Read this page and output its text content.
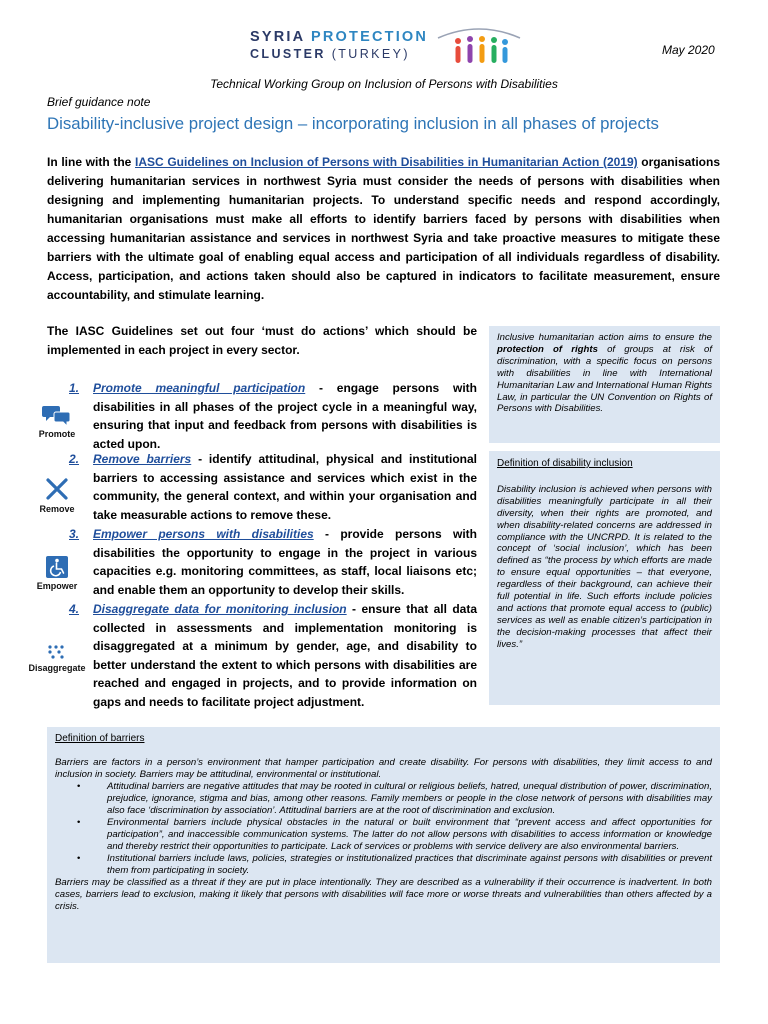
SYRIA PROTECTION
CLUSTER (TURKEY)	May 2020
Technical Working Group on Inclusion of Persons with Disabilities
Brief guidance note
Disability-inclusive project design – incorporating inclusion in all phases of projects
In line with the IASC Guidelines on Inclusion of Persons with Disabilities in Humanitarian Action (2019) organisations delivering humanitarian services in northwest Syria must consider the needs of persons with disabilities when designing and implementing humanitarian projects. To understand specific needs and respond accordingly, humanitarian organisations must make all efforts to identify barriers faced by persons with disabilities when accessing humanitarian assistance and services in northwest Syria and take proactive measures to mitigate these barriers with the ultimate goal of enabling equal access and participation of all individuals regardless of disability. Access, participation, and actions taken should also be captured in indicators to facilitate measurement, ensure accountability, and stimulate learning.
The IASC Guidelines set out four ‘must do actions’ which should be implemented in each project in every sector.
1. Promote meaningful participation - engage persons with disabilities in all phases of the project cycle in a meaningful way, ensuring that input and feedback from persons with disabilities is acted upon.
2. Remove barriers - identify attitudinal, physical and institutional barriers to accessing assistance and services which exist in the community, the general context, and within your organisation and take measurable actions to remove these.
3. Empower persons with disabilities - provide persons with disabilities the opportunity to engage in the project in various capacities e.g. monitoring committees, as staff, local liaisons etc; and enable them an opportunity to develop their skills.
4. Disaggregate data for monitoring inclusion - ensure that all data collected in assessments and implementation monitoring is disaggregated at a minimum by gender, age, and disability to better understand the extent to which persons with disabilities are reached and engaged in projects, and to provide information on gaps and needs to facilitate project adjustment.
Promote
Remove
Empower
Disaggregate
Inclusive humanitarian action aims to ensure the protection of rights of groups at risk of discrimination, with a specific focus on persons with disabilities in line with International Humanitarian Law and International Human Rights Law, in particular the UN Convention on Rights of Persons with Disabilities.
Definition of disability inclusion
Disability inclusion is achieved when persons with disabilities meaningfully participate in all their diversity, when their rights are promoted, and when disability-related concerns are addressed in compliance with the UNCRPD. It is related to the concept of ‘social inclusion’, which has been defined as “the process by which efforts are made to ensure equal opportunities – that everyone, regardless of their background, can achieve their full potential in life. Such efforts include policies and actions that promote equal access to (public) services as well as enable citizen’s participation in the decision-making processes that affect their lives.”
Definition of barriers
Barriers are factors in a person’s environment that hamper participation and create disability. For persons with disabilities, they limit access to and inclusion in society. Barriers may be attitudinal, environmental or institutional.
• Attitudinal barriers are negative attitudes that may be rooted in cultural or religious beliefs, hatred, unequal distribution of power, discrimination, prejudice, ignorance, stigma and bias, among other reasons. Family members or people in the close network of persons with disabilities may also face ‘discrimination by association’. Attitudinal barriers are at the root of discrimination and exclusion.
• Environmental barriers include physical obstacles in the natural or built environment that “prevent access and affect opportunities for participation”, and inaccessible communication systems. The latter do not allow persons with disabilities to access information or knowledge and thereby restrict their opportunities to participate. Lack of services or problems with service delivery are also environmental barriers.
• Institutional barriers include laws, policies, strategies or institutionalized practices that discriminate against persons with disabilities or prevent them from participating in society.
Barriers may be classified as a threat if they are put in place intentionally. They are described as a vulnerability if their occurrence is inadvertent. In both cases, barriers lead to exclusion, making it likely that persons with disabilities will face more or worse threats and vulnerabilities than others affected by a crisis.
